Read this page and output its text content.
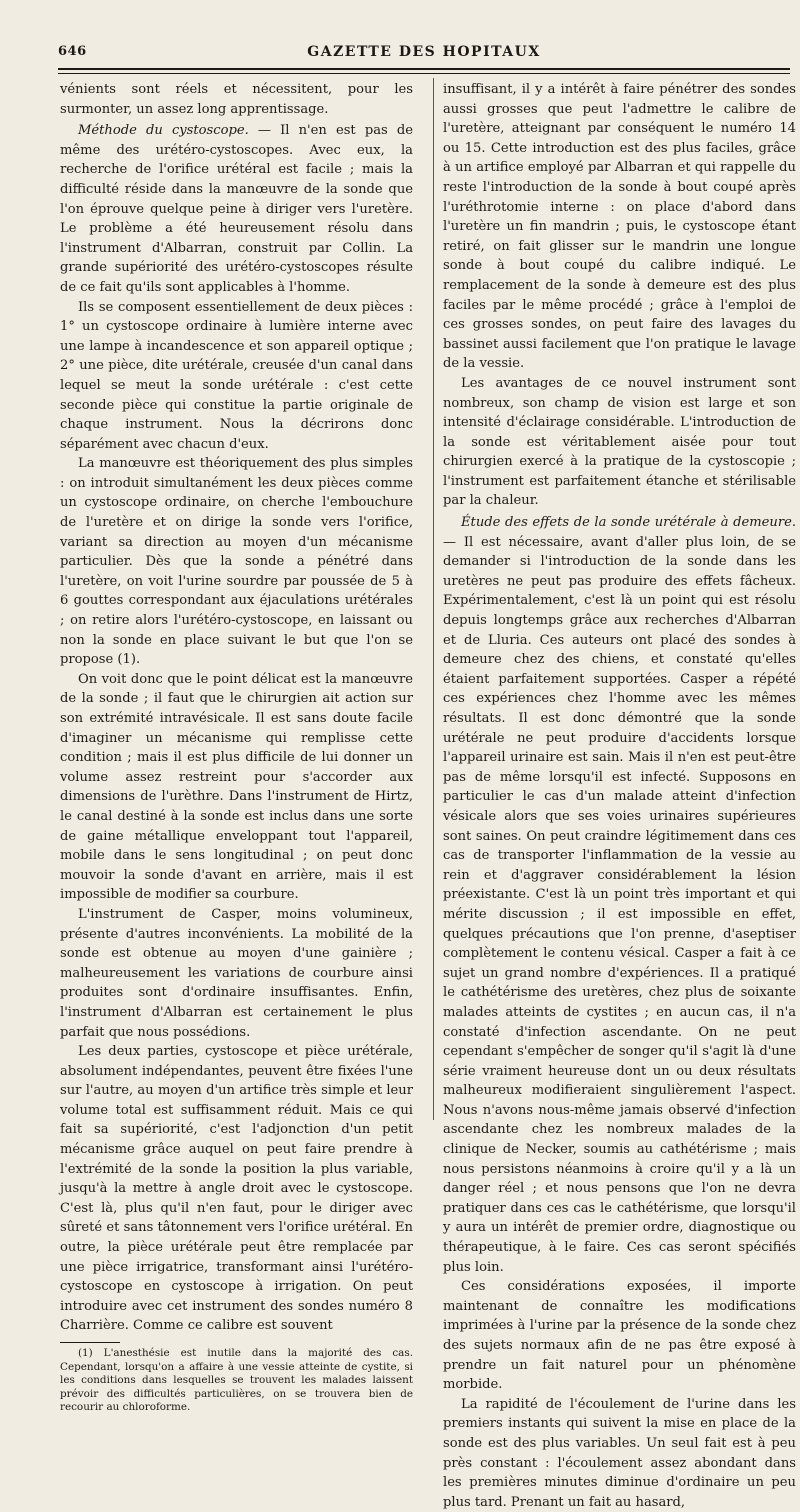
646	GAZETTE DES HOPITAUX

vénients sont réels et nécessitent, pour les surmonter, un assez long apprentissage.

Méthode du cystoscope. — Il n'en est pas de même des urétéro-cystoscopes. Avec eux, la recherche de l'orifice urétéral est facile ; mais la difficulté réside dans la manœuvre de la sonde que l'on éprouve quelque peine à diriger vers l'uretère. Le problème a été heureusement résolu dans l'instrument d'Albarran, construit par Collin. La grande supériorité des urétéro-cystoscopes résulte de ce fait qu'ils sont applicables à l'homme.

Ils se composent essentiellement de deux pièces : 1° un cystoscope ordinaire à lumière interne avec une lampe à incandescence et son appareil optique ; 2° une pièce, dite urétérale, creusée d'un canal dans lequel se meut la sonde urétérale : c'est cette seconde pièce qui constitue la partie originale de chaque instrument. Nous la décrirons donc séparément avec chacun d'eux.

La manœuvre est théoriquement des plus simples : on introduit simultanément les deux pièces comme un cystoscope ordinaire, on cherche l'embouchure de l'uretère et on dirige la sonde vers l'orifice, variant sa direction au moyen d'un mécanisme particulier. Dès que la sonde a pénétré dans l'uretère, on voit l'urine sourdre par poussée de 5 à 6 gouttes correspondant aux éjaculations urétérales ; on retire alors l'urétéro-cystoscope, en laissant ou non la sonde en place suivant le but que l'on se propose (1).

On voit donc que le point délicat est la manœuvre de la sonde ; il faut que le chirurgien ait action sur son extrémité intravésicale. Il est sans doute facile d'imaginer un mécanisme qui remplisse cette condition ; mais il est plus difficile de lui donner un volume assez restreint pour s'accorder aux dimensions de l'urèthre. Dans l'instrument de Hirtz, le canal destiné à la sonde est inclus dans une sorte de gaine métallique enveloppant tout l'appareil, mobile dans le sens longitudinal ; on peut donc mouvoir la sonde d'avant en arrière, mais il est impossible de modifier sa courbure.

L'instrument de Casper, moins volumineux, présente d'autres inconvénients. La mobilité de la sonde est obtenue au moyen d'une gainière ; malheureusement les variations de courbure ainsi produites sont d'ordinaire insuffisantes. Enfin, l'instrument d'Albarran est certainement le plus parfait que nous possédions.

Les deux parties, cystoscope et pièce urétérale, absolument indépendantes, peuvent être fixées l'une sur l'autre, au moyen d'un artifice très simple et leur volume total est suffisamment réduit. Mais ce qui fait sa supériorité, c'est l'adjonction d'un petit mécanisme grâce auquel on peut faire prendre à l'extrémité de la sonde la position la plus variable, jusqu'à la mettre à angle droit avec le cystoscope. C'est là, plus qu'il n'en faut, pour le diriger avec sûreté et sans tâtonnement vers l'orifice urétéral. En outre, la pièce urétérale peut être remplacée par une pièce irrigatrice, transformant ainsi l'urétéro-cystoscope en cystoscope à irrigation. On peut introduire avec cet instrument des sondes numéro 8 Charrière. Comme ce calibre est souvent

(1) L'anesthésie est inutile dans la majorité des cas. Cependant, lorsqu'on a affaire à une vessie atteinte de cystite, si les conditions dans lesquelles se trouvent les malades laissent prévoir des difficultés particulières, on se trouvera bien de recourir au chloroforme.

insuffisant, il y a intérêt à faire pénétrer des sondes aussi grosses que peut l'admettre le calibre de l'uretère, atteignant par conséquent le numéro 14 ou 15. Cette introduction est des plus faciles, grâce à un artifice employé par Albarran et qui rappelle du reste l'introduction de la sonde à bout coupé après l'uréthrotomie interne : on place d'abord dans l'uretère un fin mandrin ; puis, le cystoscope étant retiré, on fait glisser sur le mandrin une longue sonde à bout coupé du calibre indiqué. Le remplacement de la sonde à demeure est des plus faciles par le même procédé ; grâce à l'emploi de ces grosses sondes, on peut faire des lavages du bassinet aussi facilement que l'on pratique le lavage de la vessie.

Les avantages de ce nouvel instrument sont nombreux, son champ de vision est large et son intensité d'éclairage considérable. L'introduction de la sonde est véritablement aisée pour tout chirurgien exercé à la pratique de la cystoscopie ; l'instrument est parfaitement étanche et stérilisable par la chaleur.

Étude des effets de la sonde urétérale à demeure. — Il est nécessaire, avant d'aller plus loin, de se demander si l'introduction de la sonde dans les uretères ne peut pas produire des effets fâcheux. Expérimentalement, c'est là un point qui est résolu depuis longtemps grâce aux recherches d'Albarran et de Lluria. Ces auteurs ont placé des sondes à demeure chez des chiens, et constaté qu'elles étaient parfaitement supportées. Casper a répété ces expériences chez l'homme avec les mêmes résultats. Il est donc démontré que la sonde urétérale ne peut produire d'accidents lorsque l'appareil urinaire est sain. Mais il n'en est peut-être pas de même lorsqu'il est infecté. Supposons en particulier le cas d'un malade atteint d'infection vésicale alors que ses voies urinaires supérieures sont saines. On peut craindre légitimement dans ces cas de transporter l'inflammation de la vessie au rein et d'aggraver considérablement la lésion préexistante. C'est là un point très important et qui mérite discussion ; il est impossible en effet, quelques précautions que l'on prenne, d'aseptiser complètement le contenu vésical. Casper a fait à ce sujet un grand nombre d'expériences. Il a pratiqué le cathétérisme des uretères, chez plus de soixante malades atteints de cystites ; en aucun cas, il n'a constaté d'infection ascendante. On ne peut cependant s'empêcher de songer qu'il s'agit là d'une série vraiment heureuse dont un ou deux résultats malheureux modifieraient singulièrement l'aspect. Nous n'avons nous-même jamais observé d'infection ascendante chez les nombreux malades de la clinique de Necker, soumis au cathétérisme ; mais nous persistons néanmoins à croire qu'il y a là un danger réel ; et nous pensons que l'on ne devra pratiquer dans ces cas le cathétérisme, que lorsqu'il y aura un intérêt de premier ordre, diagnostique ou thérapeutique, à le faire. Ces cas seront spécifiés plus loin.

Ces considérations exposées, il importe maintenant de connaître les modifications imprimées à l'urine par la présence de la sonde chez des sujets normaux afin de ne pas être exposé à prendre un fait naturel pour un phénomène morbide.

La rapidité de l'écoulement de l'urine dans les premiers instants qui suivent la mise en place de la sonde est des plus variables. Un seul fait est à peu près constant : l'écoulement assez abondant dans les premières minutes diminue d'ordinaire un peu plus tard. Prenant un fait au hasard,
